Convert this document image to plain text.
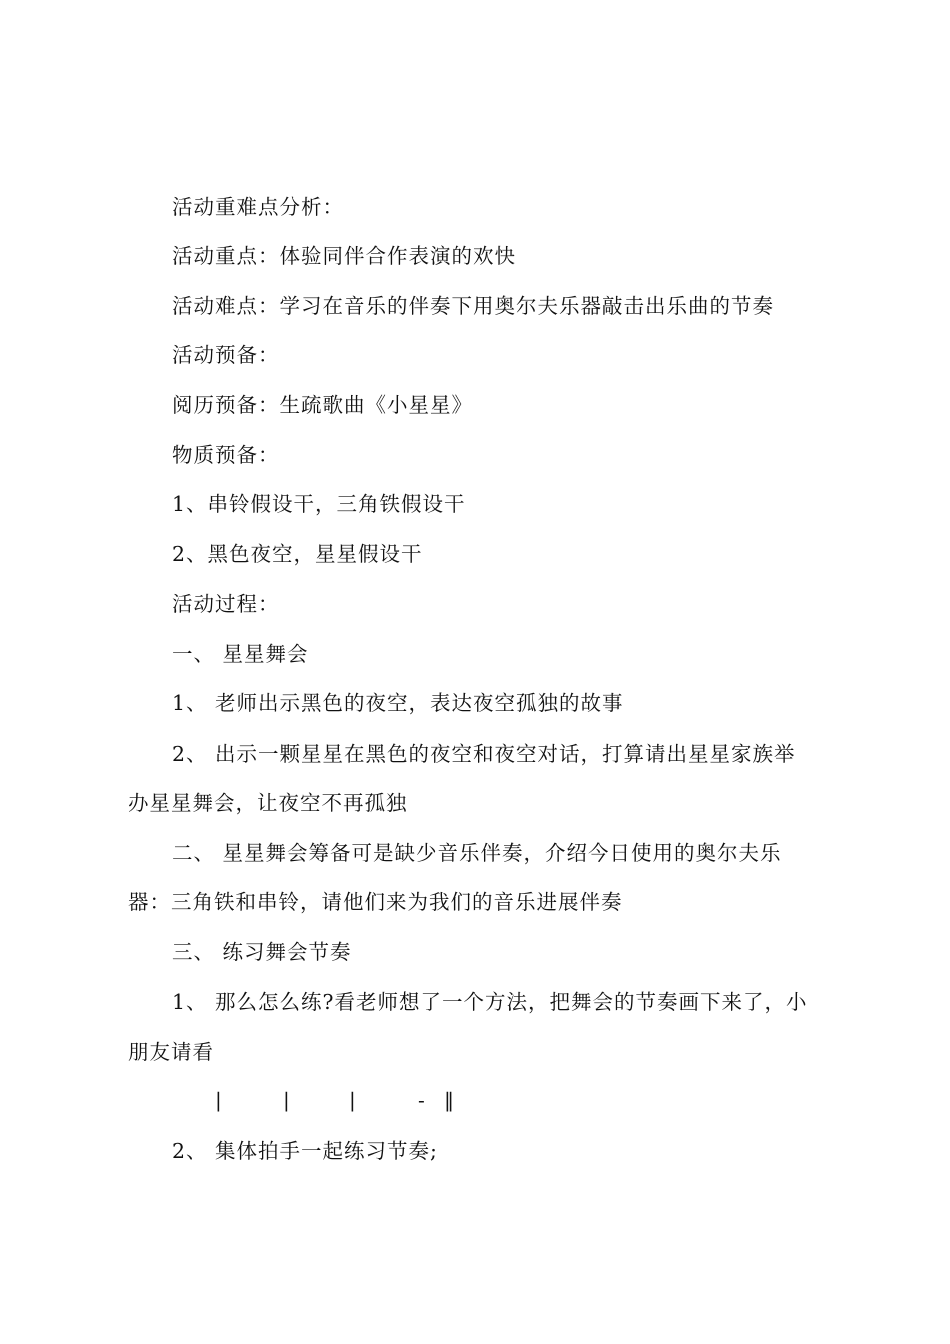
活动重难点分析：
活动重点：体验同伴合作表演的欢快
活动难点：学习在音乐的伴奏下用奥尔夫乐器敲击出乐曲的节奏
活动预备：
阅历预备：生疏歌曲《小星星》
物质预备：
1、串铃假设干，三角铁假设干
2、黑色夜空，星星假设干
活动过程：
一、 星星舞会
1、 老师出示黑色的夜空，表达夜空孤独的故事
2、 出示一颗星星在黑色的夜空和夜空对话，打算请出星星家族举
办星星舞会，让夜空不再孤独
二、 星星舞会筹备可是缺少音乐伴奏，介绍今日使用的奥尔夫乐
器：三角铁和串铃，请他们来为我们的音乐进展伴奏
三、 练习舞会节奏
1、 那么怎么练?看老师想了一个方法，把舞会的节奏画下来了，小
朋友请看
|	|	|	- ‖
2、 集体拍手一起练习节奏;
